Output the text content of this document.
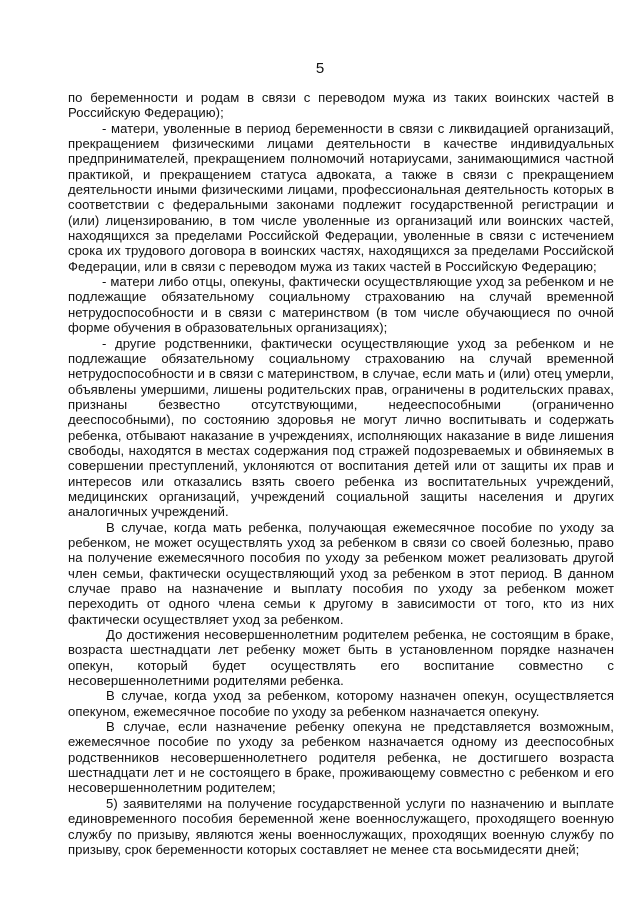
5

по беременности и родам в связи с переводом мужа из таких воинских частей в Российскую Федерацию);

- матери, уволенные в период беременности в связи с ликвидацией организаций, прекращением физическими лицами деятельности в качестве индивидуальных предпринимателей, прекращением полномочий нотариусами, занимающимися частной практикой, и прекращением статуса адвоката, а также в связи с прекращением деятельности иными физическими лицами, профессиональная деятельность которых в соответствии с федеральными законами подлежит государственной регистрации и (или) лицензированию, в том числе уволенные из организаций или воинских частей, находящихся за пределами Российской Федерации, уволенные в связи с истечением срока их трудового договора в воинских частях, находящихся за пределами Российской Федерации, или в связи с переводом мужа из таких частей в Российскую Федерацию;

- матери либо отцы, опекуны, фактически осуществляющие уход за ребенком и не подлежащие обязательному социальному страхованию на случай временной нетрудоспособности и в связи с материнством (в том числе обучающиеся по очной форме обучения в образовательных организациях);

- другие родственники, фактически осуществляющие уход за ребенком и не подлежащие обязательному социальному страхованию на случай временной нетрудоспособности и в связи с материнством, в случае, если мать и (или) отец умерли, объявлены умершими, лишены родительских прав, ограничены в родительских правах, признаны безвестно отсутствующими, недееспособными (ограниченно дееспособными), по состоянию здоровья не могут лично воспитывать и содержать ребенка, отбывают наказание в учреждениях, исполняющих наказание в виде лишения свободы, находятся в местах содержания под стражей подозреваемых и обвиняемых в совершении преступлений, уклоняются от воспитания детей или от защиты их прав и интересов или отказались взять своего ребенка из воспитательных учреждений, медицинских организаций, учреждений социальной защиты населения и других аналогичных учреждений.

В случае, когда мать ребенка, получающая ежемесячное пособие по уходу за ребенком, не может осуществлять уход за ребенком в связи со своей болезнью, право на получение ежемесячного пособия по уходу за ребенком может реализовать другой член семьи, фактически осуществляющий уход за ребенком в этот период. В данном случае право на назначение и выплату пособия по уходу за ребенком может переходить от одного члена семьи к другому в зависимости от того, кто из них фактически осуществляет уход за ребенком.

До достижения несовершеннолетним родителем ребенка, не состоящим в браке, возраста шестнадцати лет ребенку может быть в установленном порядке назначен опекун, который будет осуществлять его воспитание совместно с несовершеннолетними родителями ребенка.

В случае, когда уход за ребенком, которому назначен опекун, осуществляется опекуном, ежемесячное пособие по уходу за ребенком назначается опекуну.

В случае, если назначение ребенку опекуна не представляется возможным, ежемесячное пособие по уходу за ребенком назначается одному из дееспособных родственников несовершеннолетнего родителя ребенка, не достигшего возраста шестнадцати лет и не состоящего в браке, проживающему совместно с ребенком и его несовершеннолетним родителем;

5) заявителями на получение государственной услуги по назначению и выплате единовременного пособия беременной жене военнослужащего, проходящего военную службу по призыву, являются жены военнослужащих, проходящих военную службу по призыву, срок беременности которых составляет не менее ста восьмидесяти дней;
